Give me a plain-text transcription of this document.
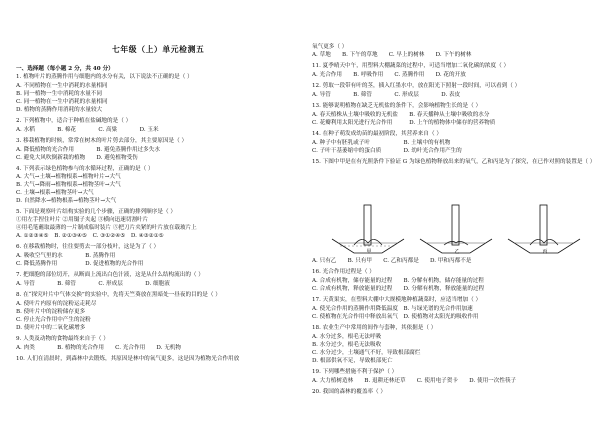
七年级（上）单元检测五
一、选择题（每小题 2 分，共 40 分）
1. 植物叶片的蒸腾作用与细胞内的水分有关，以下说法不正确的是（ ）
A. 不同植物在一生中消耗的水量相同
B. 同一植物一生中消耗的水量不同
C. 同一植物在一生中消耗的水量相同
D. 植物的蒸腾作用消耗的水量较大
2. 下列植物中，适合于种植在盐碱地的是（ ）
A. 水稻　　　　B. 棉花　　　　C. 高粱　　　　D. 玉米
3. 移栽植物的时候，常常在树木的叶片剪去部分，其主要原因是（ ）
A. 降低植物的光合作用　　　　B. 避免蒸腾作用过多失水
C. 避免大风吹倒新栽的植物　　D. 避免植物受伤
4. 下列表示绿色植物参与的水循环过程，正确的是（ ）
A. 大气→土壤→植物根系→植物叶片→大气
B. 大气→降雨→植物根系→植物茎叶→大气
C. 土壤→根系→植物茎叶→大气
D. 自然降水→植物根系→植物茎叶→大气
5. 下面是观察叶片结构实验的几个步骤，正确的排列顺序是（ ）
①用左手捏住叶片 ②用镊子夹起 ③横向迅速切割叶片
④用毛笔蘸取最薄的一片制成临时装片 ⑤把刀片夹紧的叶片放在载玻片上
A. ①②③④⑤　B. ②①③④⑤　C. ③①②④⑤　D. ④③②①⑤
6. 在移栽植物时，往往要剪去一部分枝叶，这是为了（ ）
A. 吸收空气里的水　　　　B. 蒸腾作用
C. 降低蒸腾作用　　　　　D. 促进植物的光合作用
7. 把细胞的部位切开，从断面上流出白色汁液，这是从什么结构流出的（ ）
A. 导管　　　　B. 筛管　　　　C. 形成层　　　　D. 细胞液
8. 在“探究叶片中气体交换”的实验中，先将天竺葵放在黑暗处一昼夜的目的是（ ）
A. 使叶片内原有的淀粉运走耗尽
B. 使叶片中的淀粉储存更多
C. 停止光合作用中产生的淀粉
D. 使叶片中的二氧化碳增多
9. 人类及动物的食物最终来自于（ ）
A. 肉类　　　　B. 植物的光合作用　　C. 光合作用　　D. 无机物
10. 人们在清晨时，到森林中去锻炼，其原因是林中的氧气更多，这是因为植物光合作用放
氧气更多（ ）
A. 草地　　B. 下午的草地　　C. 早上的树林　　D. 下午的树林
11. 夏季晴天中午，用塑料大棚蔬菜的过程中，可适当增加二氧化碳的浓度（ ）
A. 光合作用　　B. 呼吸作用　　C. 蒸腾作用　　D. 花的开放
12. 剪取一段带有叶的茎，插入红墨水中，放在阳光下照射一段时间，可以看到（ ）
A. 导管　　　　B. 筛管　　　　C. 形成层　　　　D. 表皮
13. 能够说明植物在缺乏无机盐的条件下，会影响植物生长的是（ ）
A. 春天植株从土壤中吸收的无机盐　　B. 春天播种从土壤中吸收的水分
C. 花瓣利用太阳光进行光合作用　　　D. 上午的植物体中储存的营养物质
14. 在种子萌发成幼苗的最初阶段，其营养来自（ ）
A. 种子中有胚乳或子叶　　　　　　B. 土壤中的有机物
C. 子叶干基萎缩中的蛋白质　　　　D. 幼叶光合作用产生的
15. 下图中甲是在有光照条件下验证 G 为绿色植物释放出来的氧气，乙和丙是为了探究，在已作对照的装置是（ ）
甲	乙	丙
A. 只有乙　　B. 只有甲　　C. 乙和丙都是　　D. 甲和丙都不是
16. 光合作用过程是（ ）
A. 合成有机物，储存能量的过程　　B. 分解有机物，储存能量的过程
C. 合成有机物，释放能量的过程　　D. 分解有机物，释放能量的过程
17. 天黄果实，在塑料大棚中大规模地种植蔬菜时，应适当增加（ ）
A. 使光合作用的蒸腾作用降低温度　B. 与绿光谱的光合作用加速
C. 使植物在光合作用中释放出氧气　D. 使植物对太阳光的吸收作用
18. 农业生产中常用的间作与套种，其依据是（ ）
A. 水分过多，根毛无法呼吸
B. 水分过少，根毛无法吸收
C. 水分过少，土壤通气不好，导致根部腐烂
D. 根部供氧不足，导致根部死亡
19. 下列哪些措施不利于保护（ ）
A. 大力植树造林　　B. 退耕还林还草　　C. 使用电子贺卡　　D. 使用一次性筷子
20. 我国的森林的覆盖率（ ）
